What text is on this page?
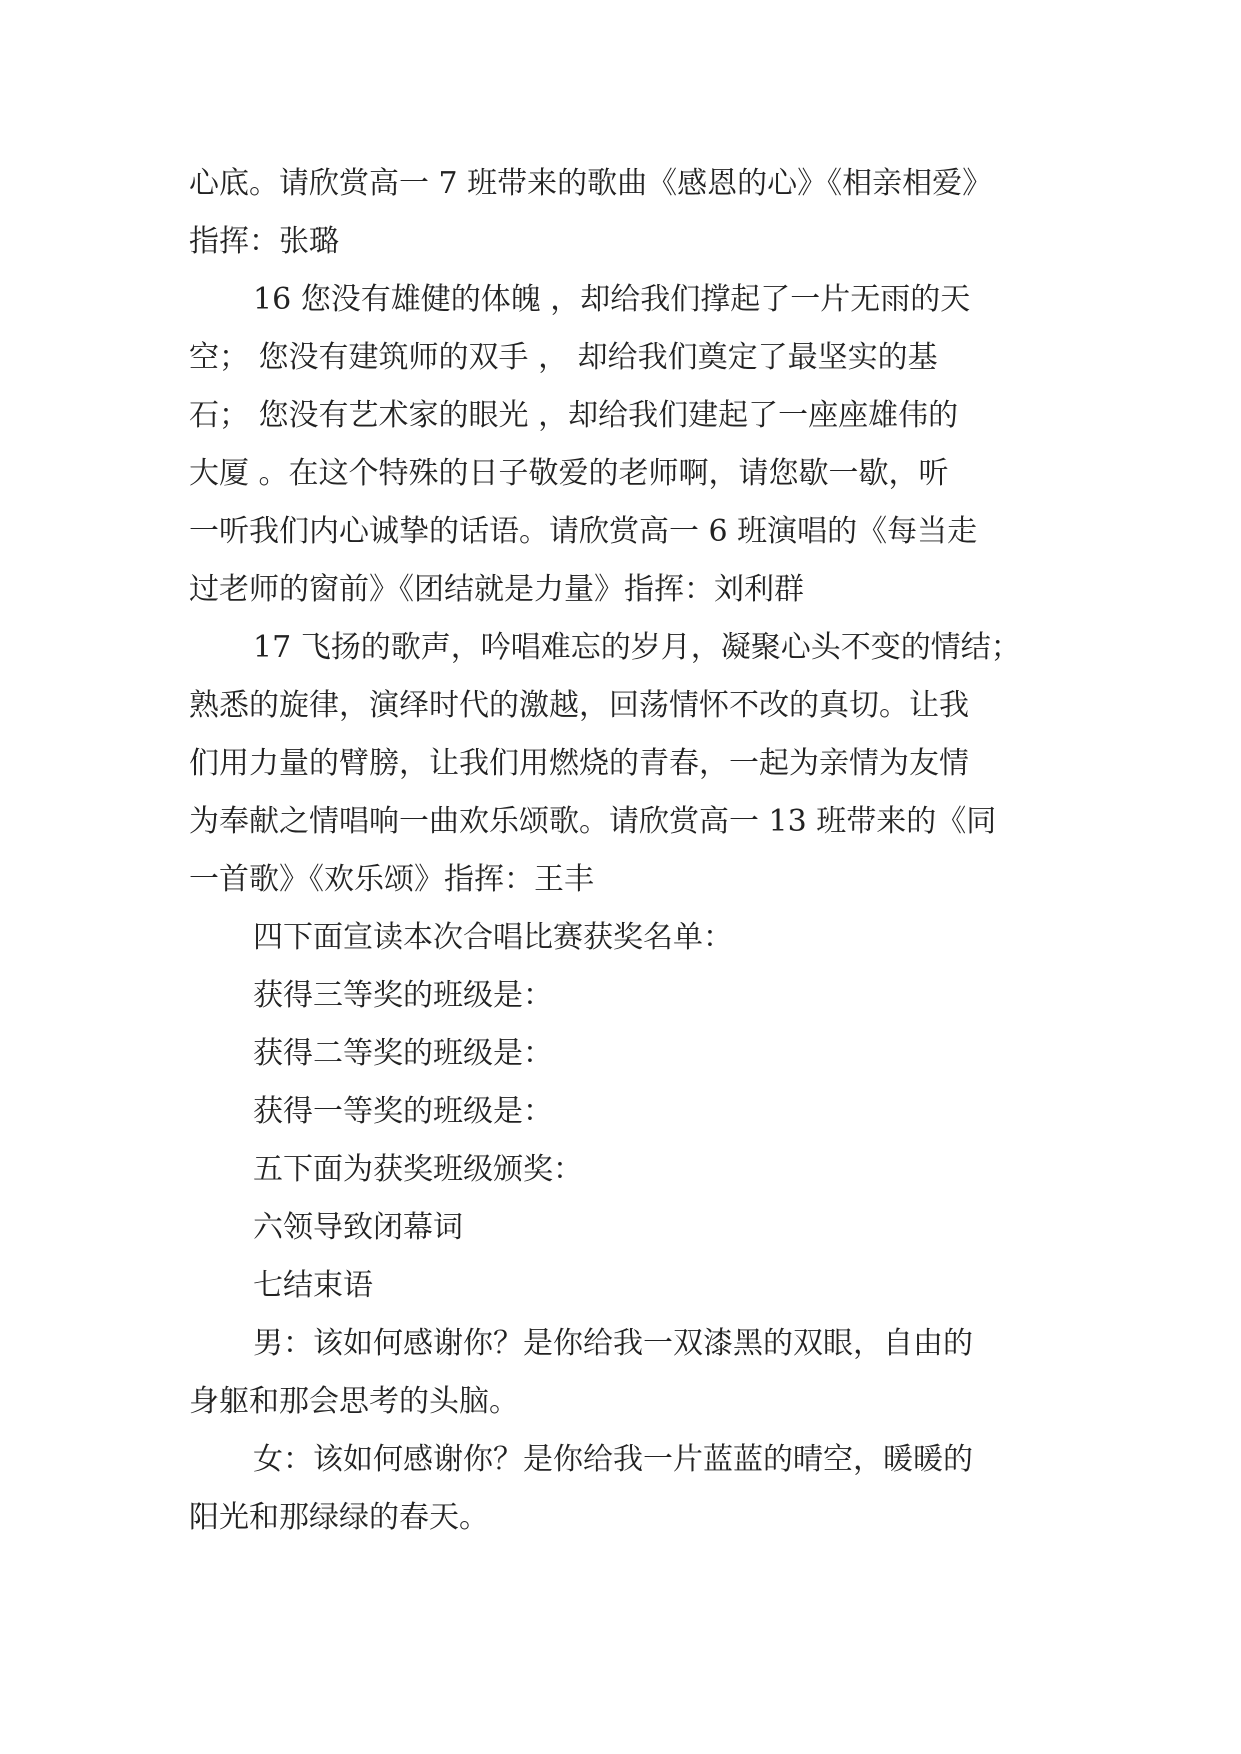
心底。请欣赏高一 7 班带来的歌曲《感恩的心》《相亲相爱》
指挥：张璐
16 您没有雄健的体魄 ，却给我们撑起了一片无雨的天
空； 您没有建筑师的双手 ， 却给我们奠定了最坚实的基
石； 您没有艺术家的眼光 ，却给我们建起了一座座雄伟的
大厦 。在这个特殊的日子敬爱的老师啊，请您歇一歇，听
一听我们内心诚挚的话语。请欣赏高一 6 班演唱的《每当走
过老师的窗前》《团结就是力量》指挥：刘利群
17 飞扬的歌声，吟唱难忘的岁月，凝聚心头不变的情结；
熟悉的旋律，演绎时代的激越，回荡情怀不改的真切。让我
们用力量的臂膀，让我们用燃烧的青春，一起为亲情为友情
为奉献之情唱响一曲欢乐颂歌。请欣赏高一 13 班带来的《同
一首歌》《欢乐颂》指挥：王丰
四下面宣读本次合唱比赛获奖名单：
获得三等奖的班级是：
获得二等奖的班级是：
获得一等奖的班级是：
五下面为获奖班级颁奖：
六领导致闭幕词
七结束语
男：该如何感谢你？是你给我一双漆黑的双眼，自由的
身躯和那会思考的头脑。
女：该如何感谢你？是你给我一片蓝蓝的晴空，暖暖的
阳光和那绿绿的春天。
